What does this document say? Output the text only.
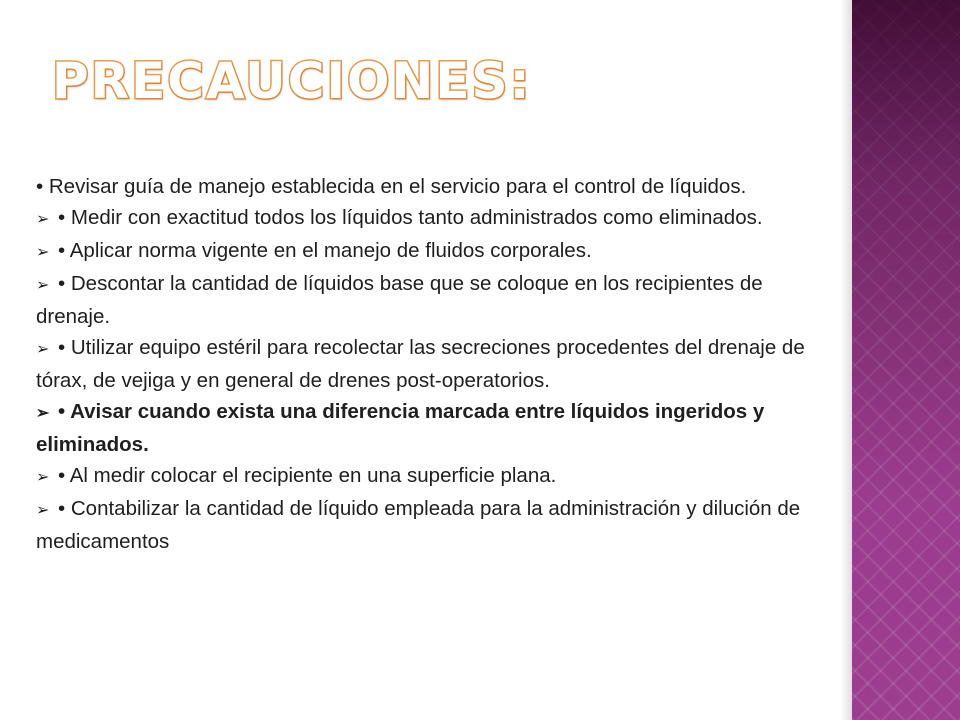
PRECAUCIONES:

• Revisar guía de manejo establecida en el servicio para el control de líquidos.

➢ • Medir con exactitud todos los líquidos tanto administrados como eliminados.

➢ • Aplicar norma vigente en el manejo de fluidos corporales.

➢ • Descontar la cantidad de líquidos base que se coloque en los recipientes de drenaje.

➢ • Utilizar equipo estéril para recolectar las secreciones procedentes del drenaje de tórax, de vejiga y en general de drenes post-operatorios.

➢ • Avisar cuando exista una diferencia marcada entre líquidos ingeridos y eliminados.

➢ • Al medir colocar el recipiente en una superficie plana.

➢ • Contabilizar la cantidad de líquido empleada para la administración y dilución de medicamentos
